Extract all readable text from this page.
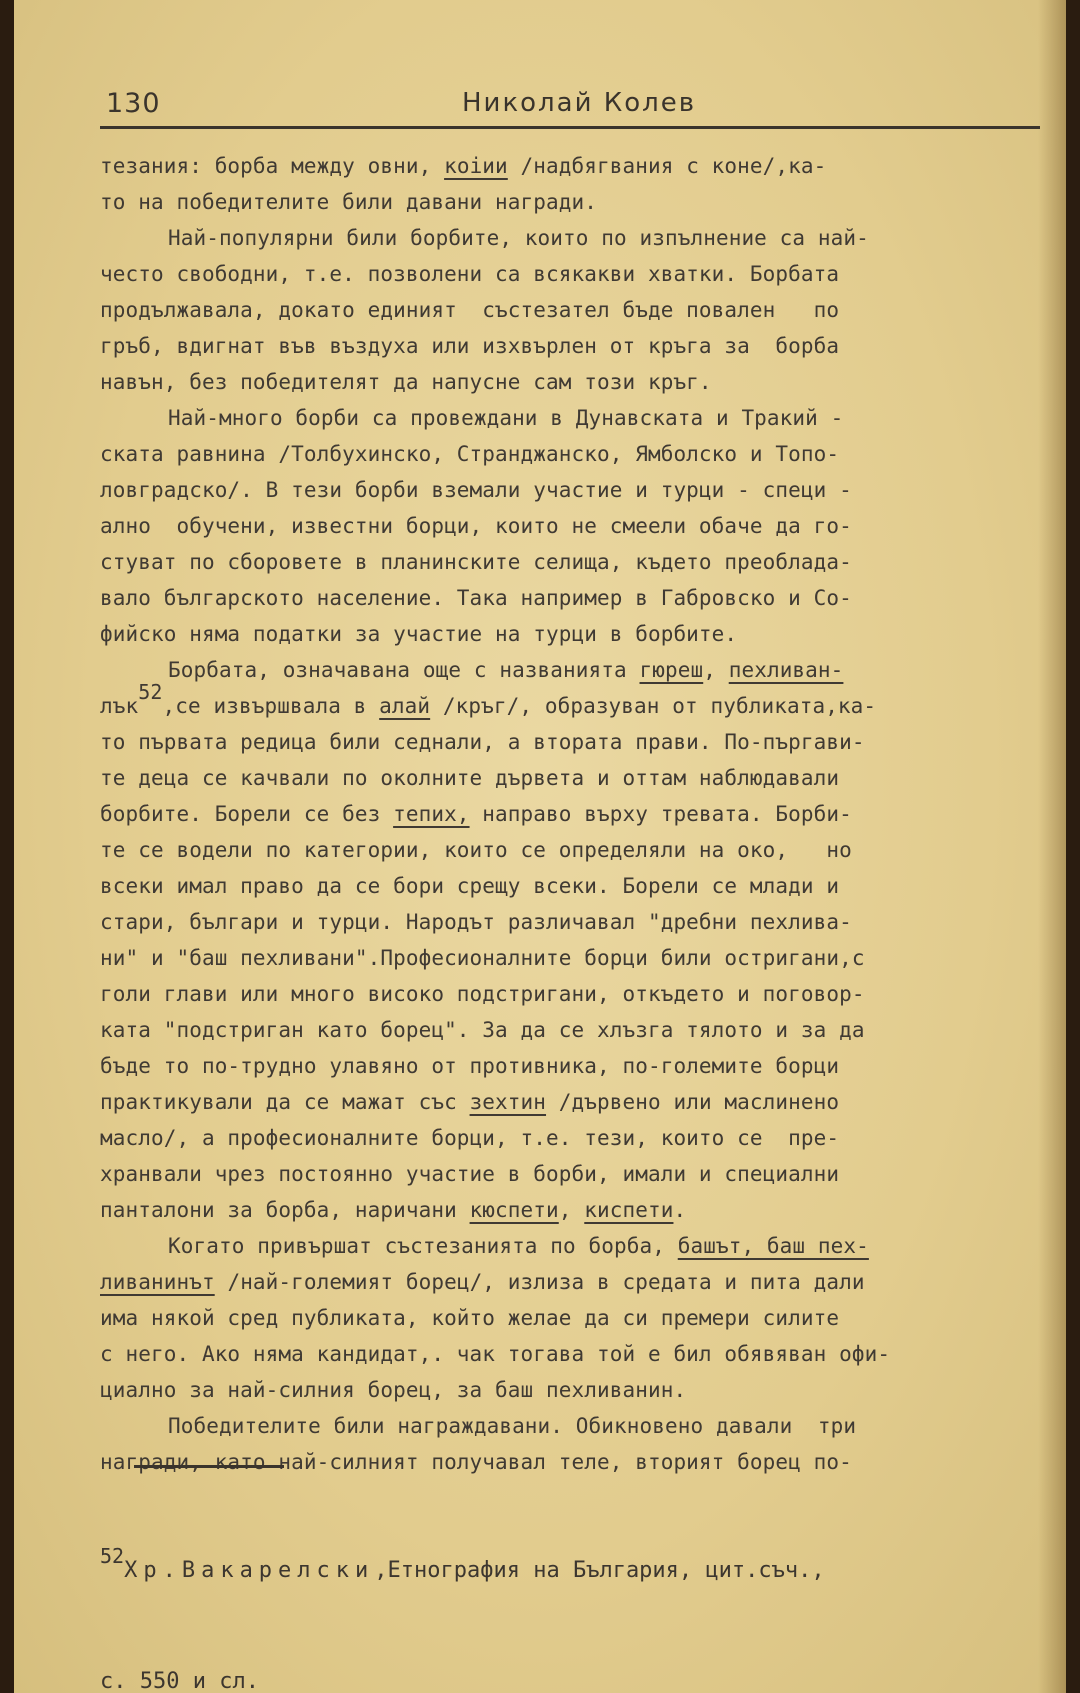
130	Николай Колев
тезания: борба между овни, коiии /надбягвания с коне/,ка-
то на победителите били давани награди.
Най-популярни били борбите, които по изпълнение са най-
често свободни, т.е. позволени са всякакви хватки. Борбата
продължавала, докато единият  състезател бъде повален   по
гръб, вдигнат във въздуха или изхвърлен от кръга за  борба
навън, без победителят да напусне сам този кръг.
Най-много борби са провеждани в Дунавската и Тракий -
ската равнина /Толбухинско, Странджанско, Ямболско и Топо-
ловградско/. В тези борби вземали участие и турци - специ -
ално  обучени, известни борци, които не смеели обаче да го-
стуват по сборовете в планинските селища, където преоблада-
вало българското население. Така например в Габровско и Со-
фийско няма податки за участие на турци в борбите.
Борбата, означавана още с названията гюреш, пехливан-
лък52,се извършвала в алай /кръг/, образуван от публиката,ка-
то първата редица били седнали, а втората прави. По-пъргави-
те деца се качвали по околните дървета и оттам наблюдавали
борбите. Борели се без тепих, направо върху тревата. Борби-
те се водели по категории, които се определяли на око,   но
всеки имал право да се бори срещу всеки. Борели се млади и
стари, българи и турци. Народът различавал "дребни пехлива-
ни" и "баш пехливани".Професионалните борци били остригани,с
голи глави или много високо подстригани, откъдето и поговор-
ката "подстриган като борец". За да се хлъзга тялото и за да
бъде то по-трудно улавяно от противника, по-големите борци
практикували да се мажат със зехтин /дървено или маслинено
масло/, а професионалните борци, т.е. тези, които се  пре-
хранвали чрез постоянно участие в борби, имали и специални
панталони за борба, наричани кюспети, киспети.
Когато привършат състезанията по борба, башът, баш пех-
ливанинът /най-големият борец/, излиза в средата и пита дали
има някой сред публиката, който желае да си премери силите
с него. Ако няма кандидат,. чак тогава той е бил обявяван офи-
циално за най-силния борец, за баш пехливанин.
Победителите били награждавани. Обикновено давали  три
награди, като най-силният получавал теле, вторият борец по-

52Хр.Вакарелски,Етнография на България, цит.съч.,

с. 550 и сл.
